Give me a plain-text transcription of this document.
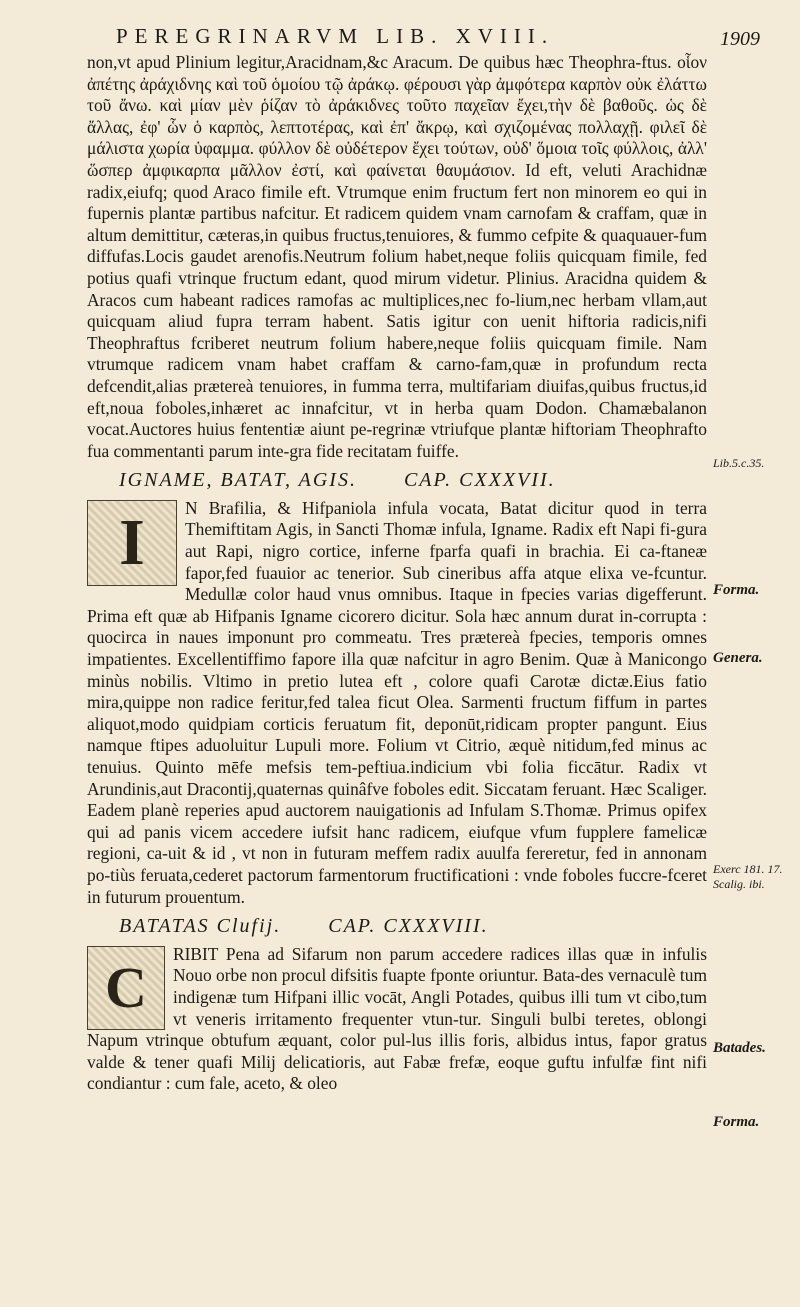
PEREGRINARVM LIB. XVIII.	1909

non,vt apud Plinium legitur,Aracidnam,&c Aracum. De quibus hæc Theophra-ftus. οἷον ἀπέτης ἀράχιδνης καὶ τοῦ ὁμοίου τῷ ἀράκῳ. φέρουσι γὰρ ἀμφότερα καρπὸν οὐκ ἐλάττω τοῦ ἄνω. καὶ μίαν μὲν ῥίζαν τὸ ἀράκιδνες τοῦτο παχεῖαν ἔχει,τὴν δὲ βαθοῦς. ὡς δὲ ἄλλας, ἐφ' ὧν ὁ καρπὸς, λεπτοτέρας, καὶ ἐπ' ἄκρῳ, καὶ σχιζομένας πολλαχῇ. φιλεῖ δὲ μάλιστα χωρία ὑφαμμα. φύλλον δὲ οὐδέτερον ἔχει τούτων, οὐδ' ὅμοια τοῖς φύλλοις, ἀλλ' ὥσπερ ἀμφικαρπα μᾶλλον ἐστί, καὶ φαίνεται θαυμάσιον. Id eft, veluti Arachidnæ radix,eiufq; quod Araco fimile eft. Vtrumque enim fructum fert non minorem eo qui in fupernis plantæ partibus nafcitur. Et radicem quidem vnam carnofam & craffam, quæ in altum demittitur, cæteras,in quibus fructus,tenuiores, & fummo cefpite & quaquauer-fum diffufas.Locis gaudet arenofis.Neutrum folium habet,neque foliis quicquam fimile, fed potius quafi vtrinque fructum edant, quod mirum videtur. Plinius. Aracidna quidem & Aracos cum habeant radices ramofas ac multiplices,nec fo-lium,nec herbam vllam,aut quicquam aliud fupra terram habent. Satis igitur con uenit hiftoria radicis,nifi Theophraftus fcriberet neutrum folium habere,neque foliis quicquam fimile. Nam vtrumque radicem vnam habet craffam & carno-fam,quæ in profundum recta defcendit,alias prætereà tenuiores, in fumma terra, multifariam diuifas,quibus fructus,id eft,noua foboles,inhæret ac innafcitur, vt in herba quam Dodon. Chamæbalanon vocat.Auctores huius fententiæ aiunt pe-regrinæ vtriufque plantæ hiftoriam Theophrafto fua commentanti parum inte-gra fide recitatam fuiffe.

IGNAME, BATAT, AGIS. CAP. CXXXVII.
I	N Brafilia, & Hifpaniola infula vocata, Batat dicitur quod in terra Themiftitam Agis, in Sancti Thomæ infula, Igname. Radix eft Napi fi-gura aut Rapi, nigro cortice, inferne fparfa quafi in brachia. Ei ca-ftaneæ fapor,fed fuauior ac tenerior. Sub cineribus affa atque elixa ve-fcuntur. Medullæ color haud vnus omnibus. Itaque in fpecies varias digefferunt. Prima eft quæ ab Hifpanis Igname cicorero dicitur. Sola hæc annum durat in-corrupta : quocirca in naues imponunt pro commeatu. Tres prætereà fpecies, temporis omnes impatientes. Excellentiffimo fapore illa quæ nafcitur in agro Benim. Quæ à Manicongo minùs nobilis. Vltimo in pretio lutea eft , colore quafi Carotæ dictæ.Eius fatio mira,quippe non radice feritur,fed talea ficut Olea. Sarmenti fructum fiffum in partes aliquot,modo quidpiam corticis feruatum fit, deponūt,ridicam propter pangunt. Eius namque ftipes aduoluitur Lupuli more. Folium vt Citrio, æquè nitidum,fed minus ac tenuius. Quinto mēfe mefsis tem-peftiua.indicium vbi folia ficcātur. Radix vt Arundinis,aut Dracontij,quaternas quinâfve foboles edit. Siccatam feruant. Hæc Scaliger. Eadem planè reperies apud auctorem nauigationis ad Infulam S.Thomæ. Primus opifex qui ad panis vicem accedere iufsit hanc radicem, eiufque vfum fupplere famelicæ regioni, ca-uit & id , vt non in futuram meffem radix auulfa fereretur, fed in annonam po-tiùs feruata,cederet pactorum farmentorum fructificationi : vnde foboles fuccre-fceret in futurum prouentum.

BATATAS Clufij. CAP. CXXXVIII.
C

RIBIT Pena ad Sifarum non parum accedere radices illas quæ in infulis Nouo orbe non procul difsitis fuapte fponte oriuntur. Bata-des vernaculè tum indigenæ tum Hifpani illic vocāt, Angli Potades, quibus illi tum vt cibo,tum vt veneris irritamento frequenter vtun-tur. Singuli bulbi teretes, oblongi Napum vtrinque obtufum æquant, color pul-lus illis foris, albidus intus, fapor gratus valde & tener quafi Milij delicatioris, aut Fabæ frefæ, eoque guftu infulfæ fint nifi condiantur : cum fale, aceto, & oleo

Lib.5.c.35.
Forma.
Genera.
Exerc 181. 17. Scalig. ibi.
Batades.
Forma.
